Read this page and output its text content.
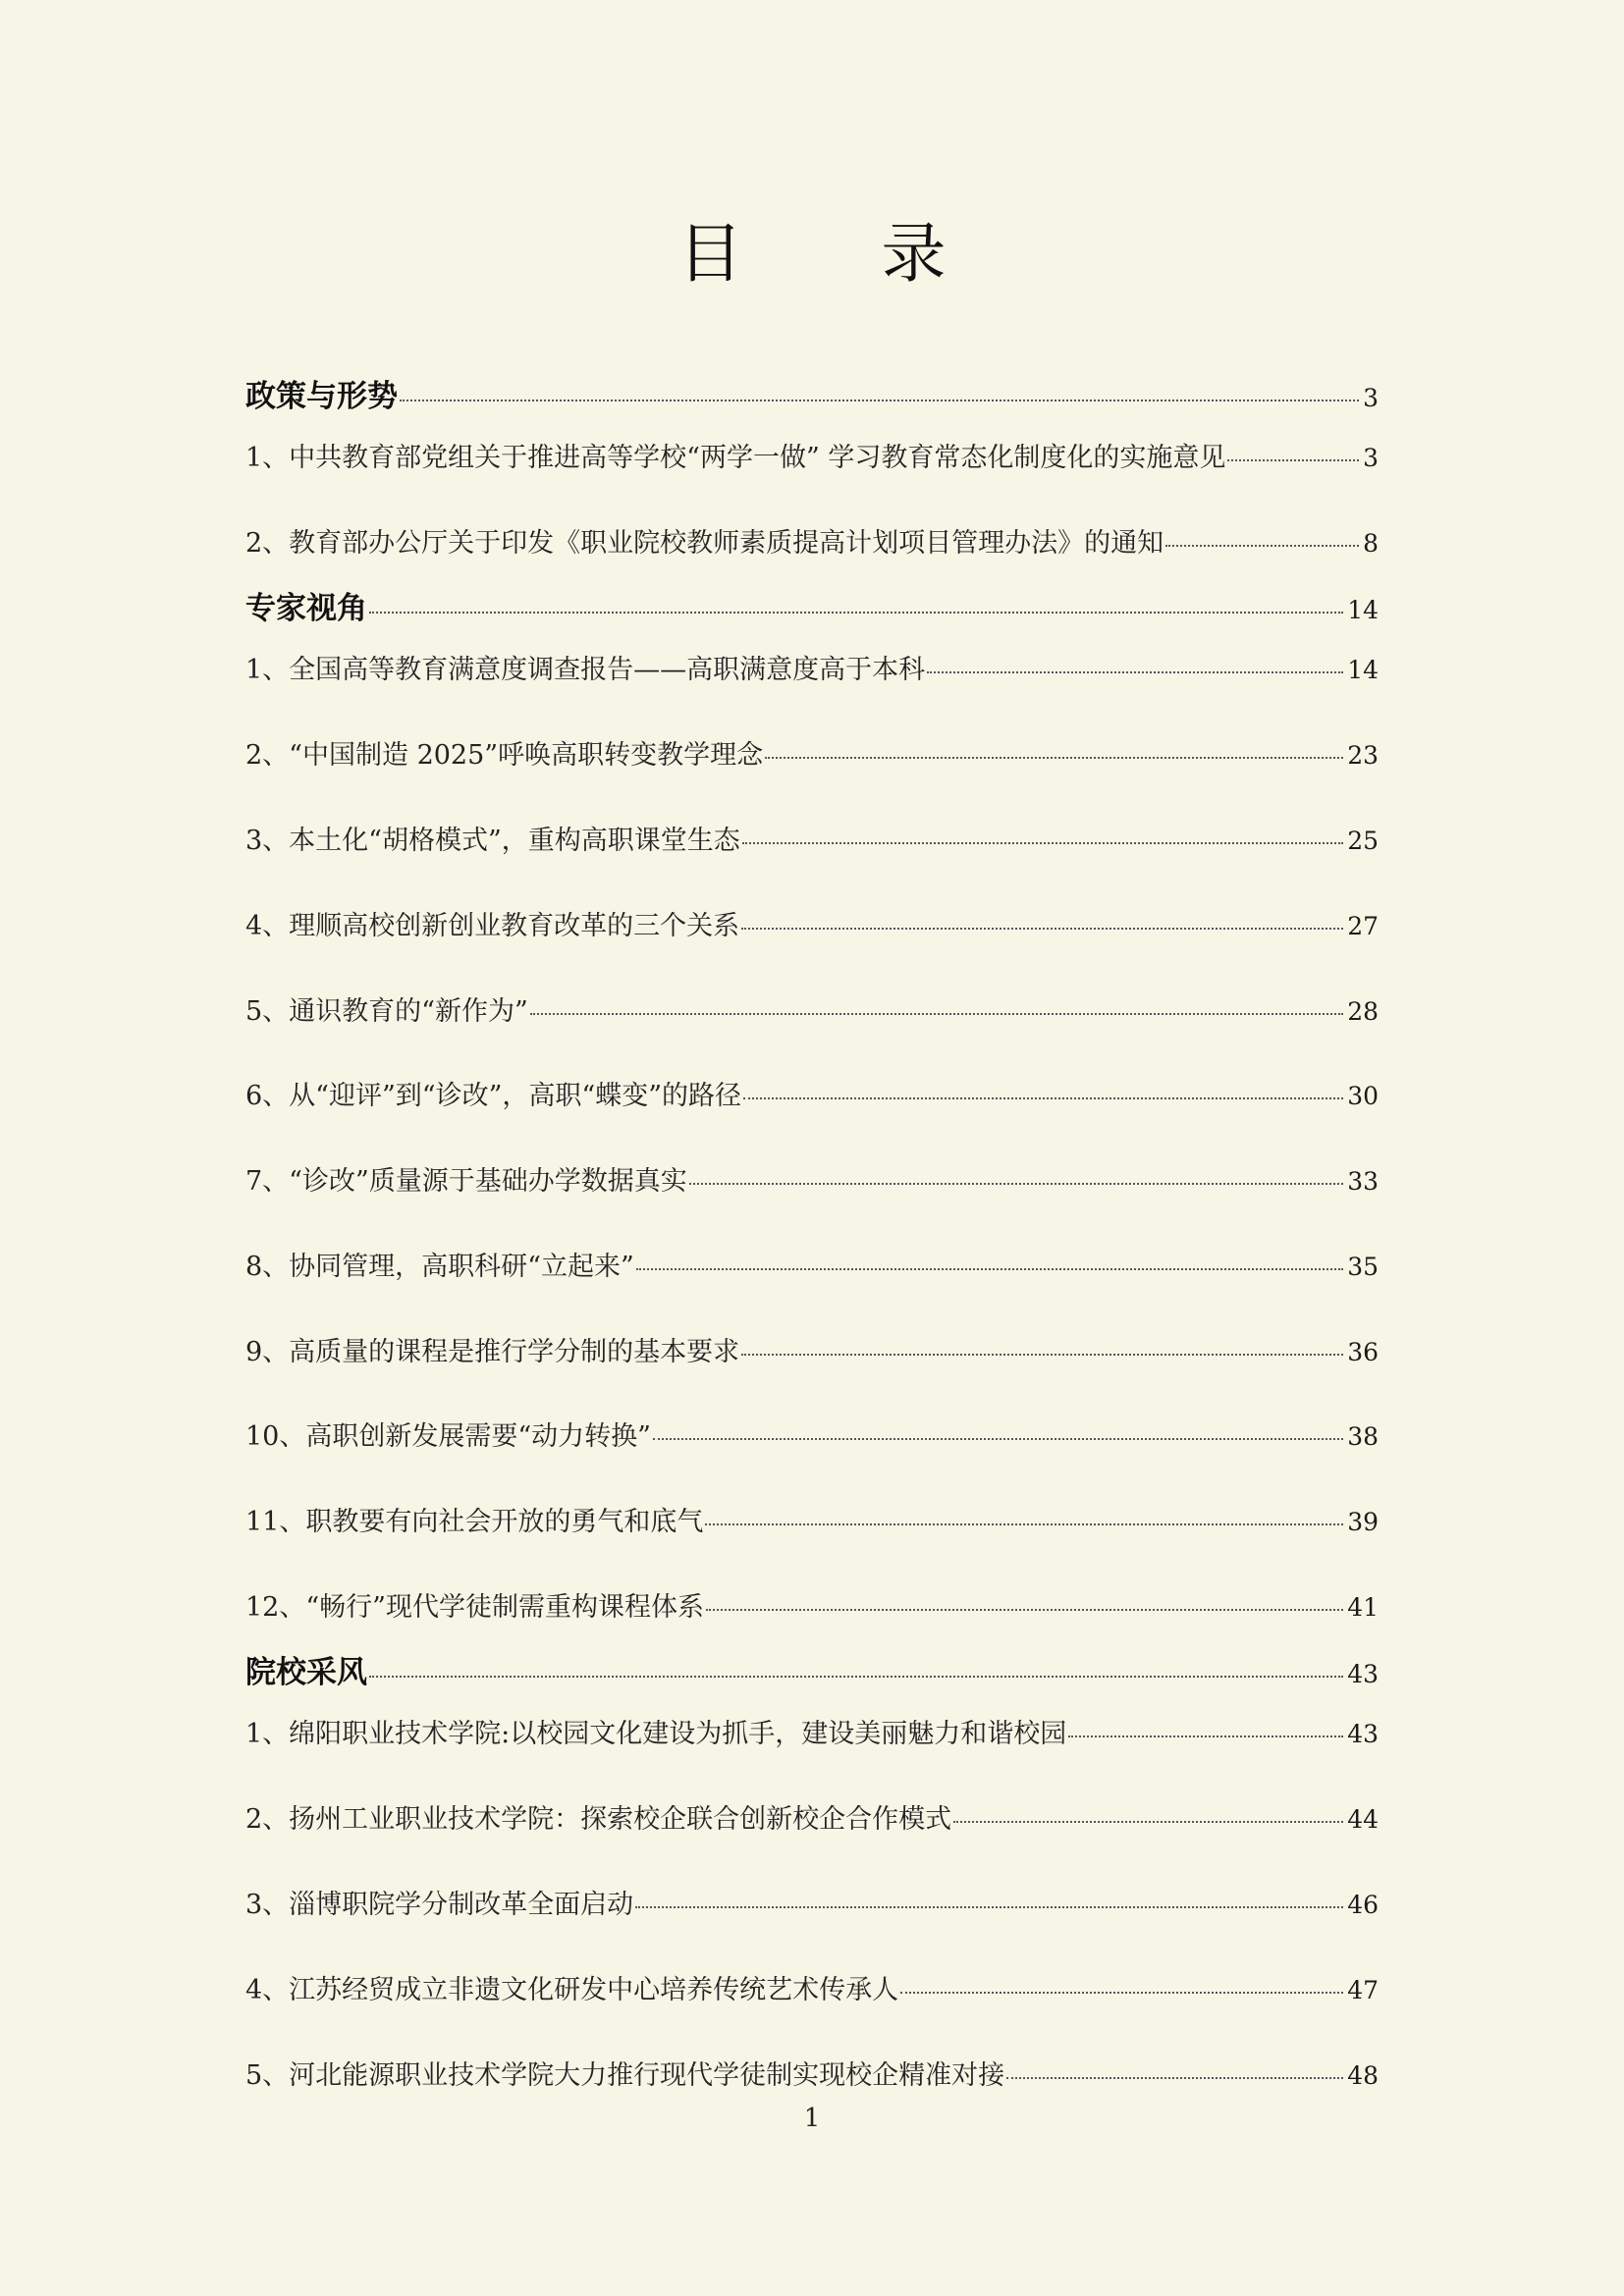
目 录
政策与形势	3
1、中共教育部党组关于推进高等学校“两学一做” 学习教育常态化制度化的实施意见	3
2、教育部办公厅关于印发《职业院校教师素质提高计划项目管理办法》的通知	8
专家视角	14
1、全国高等教育满意度调查报告——高职满意度高于本科	14
2、“中国制造 2025”呼唤高职转变教学理念	23
3、本土化“胡格模式”，重构高职课堂生态	25
4、理顺高校创新创业教育改革的三个关系	27
5、通识教育的“新作为”	28
6、从“迎评”到“诊改”，高职“蝶变”的路径	30
7、“诊改”质量源于基础办学数据真实	33
8、协同管理，高职科研“立起来”	35
9、高质量的课程是推行学分制的基本要求	36
10、高职创新发展需要“动力转换”	38
11、职教要有向社会开放的勇气和底气	39
12、“畅行”现代学徒制需重构课程体系	41
院校采风	43
1、绵阳职业技术学院:以校园文化建设为抓手，建设美丽魅力和谐校园	43
2、扬州工业职业技术学院：探索校企联合创新校企合作模式	44
3、淄博职院学分制改革全面启动	46
4、江苏经贸成立非遗文化研发中心培养传统艺术传承人	47
5、河北能源职业技术学院大力推行现代学徒制实现校企精准对接	48
1
